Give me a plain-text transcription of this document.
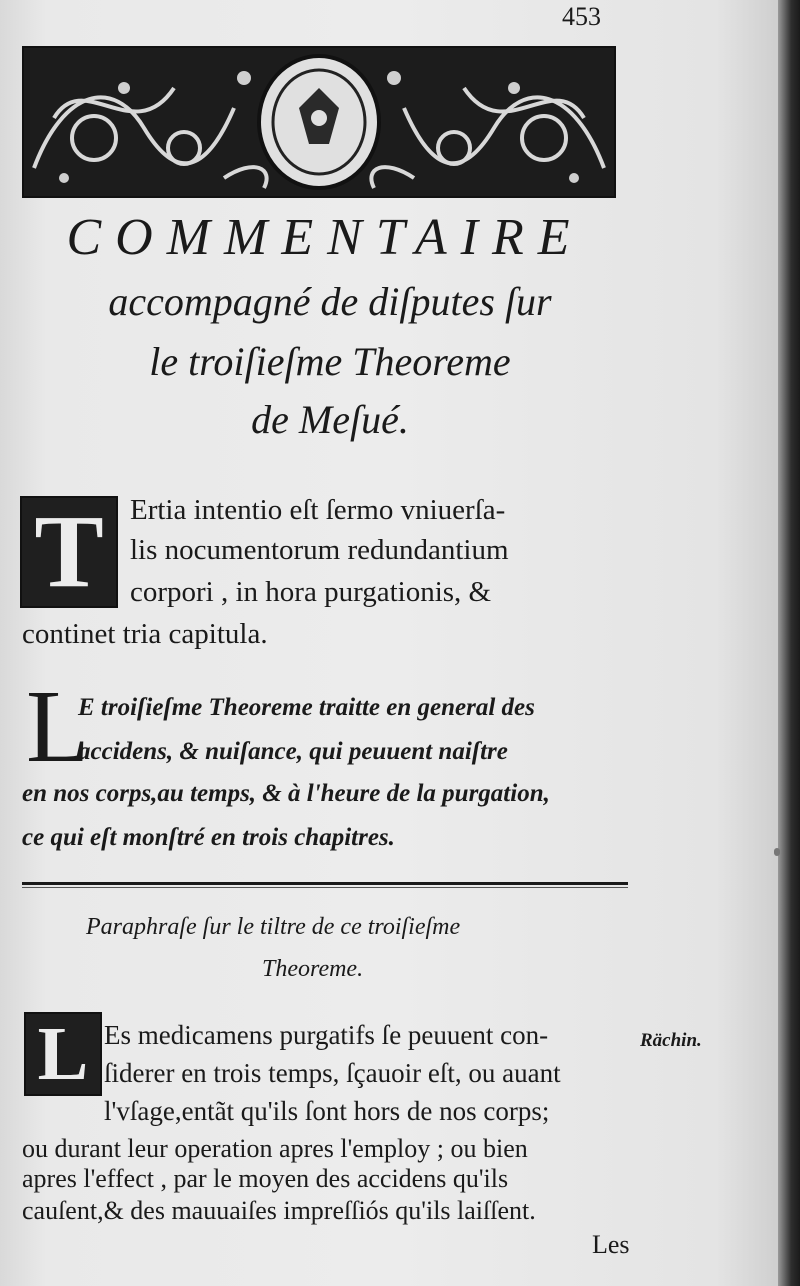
453
COMMENTAIRE
accompagné de diſputes ſur
le troiſieſme Theoreme
de Meſué.
T Ertia intentio eſt ſermo vniuerſa-
lis nocumentorum redundantium
corpori , in hora purgationis, &
continet tria capitula.
L
E troiſieſme Theoreme traitte en general des
accidens, & nuiſance, qui peuuent naiſtre
en nos corps,au temps, & à l'heure de la purgation,
ce qui eſt monſtré en trois chapitres.
Paraphraſe ſur le tiltre de ce troiſieſme
Theoreme.
L Es medicamens purgatifs ſe peuuent con-
ſiderer en trois temps, ſçauoir eſt, ou auant
l'vſage,entãt qu'ils ſont hors de nos corps;
ou durant leur operation apres l'employ ; ou bien
apres l'effect , par le moyen des accidens qu'ils
cauſent,& des mauuaiſes impreſſiós qu'ils laiſſent.
Rächin.
Les
